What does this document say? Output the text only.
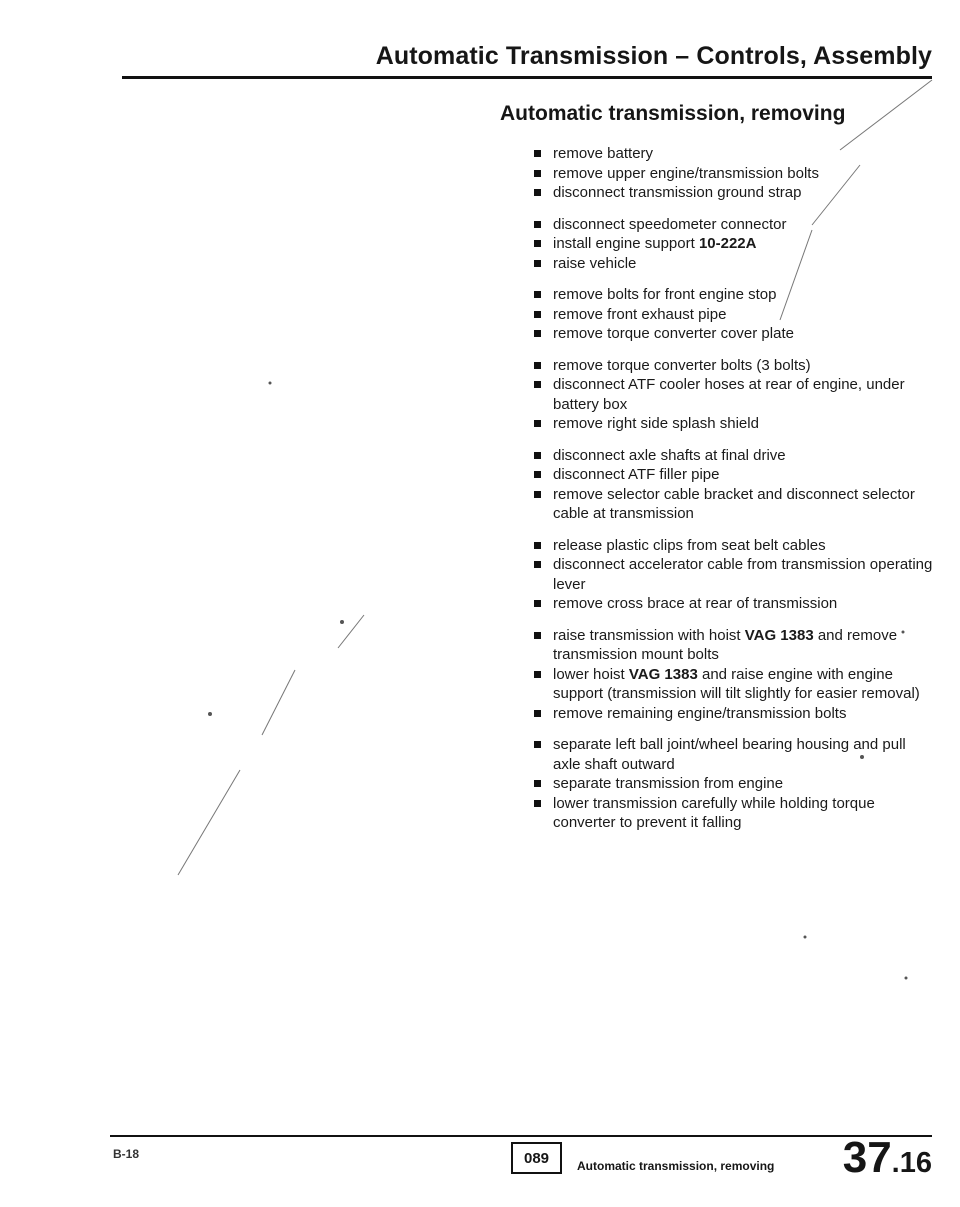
Automatic Transmission – Controls, Assembly
Automatic transmission, removing
remove battery
remove upper engine/transmission bolts
disconnect transmission ground strap
disconnect speedometer connector
install engine support 10-222A
raise vehicle
remove bolts for front engine stop
remove front exhaust pipe
remove torque converter cover plate
remove torque converter bolts (3 bolts)
disconnect ATF cooler hoses at rear of engine, under battery box
remove right side splash shield
disconnect axle shafts at final drive
disconnect ATF filler pipe
remove selector cable bracket and disconnect selector cable at transmission
release plastic clips from seat belt cables
disconnect accelerator cable from transmission operating lever
remove cross brace at rear of transmission
raise transmission with hoist VAG 1383 and remove transmission mount bolts
lower hoist VAG 1383 and raise engine with engine support (transmission will tilt slightly for easier removal)
remove remaining engine/transmission bolts
separate left ball joint/wheel bearing housing and pull axle shaft outward
separate transmission from engine
lower transmission carefully while holding torque converter to prevent it falling
B-18	089	Automatic transmission, removing 37.16
